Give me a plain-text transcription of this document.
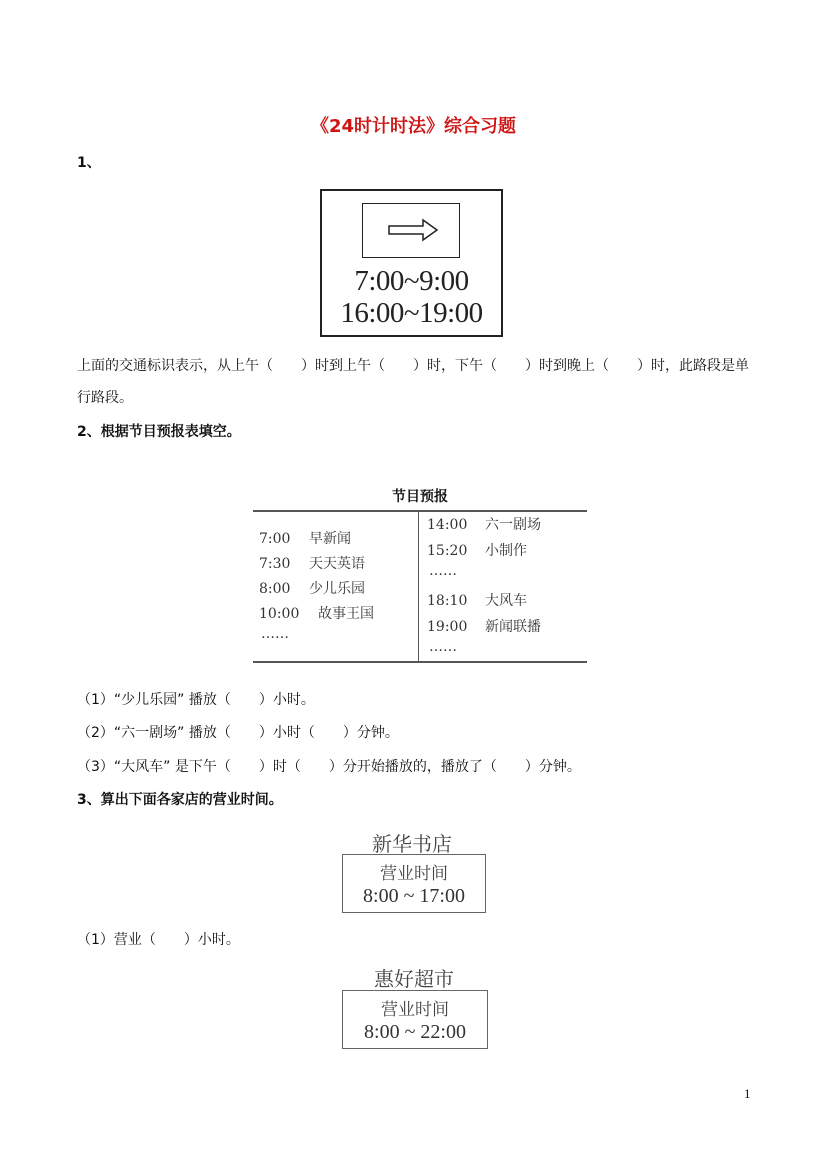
《24时计时法》综合习题
1、
7:00~9:00
16:00~19:00
上面的交通标识表示，从上午（　　）时到上午（　　）时，下午（　　）时到晚上（　　）时，此路段是单
行路段。
2、根据节目预报表填空。
节目预报
7:00 早新闻
7:30 天天英语
8:00 少儿乐园
10:00 故事王国
……
14:00 六一剧场
15:20 小制作
……
18:10 大风车
19:00 新闻联播
……
（1）“少儿乐园” 播放（　　）小时。
（2）“六一剧场” 播放（　　）小时（　　）分钟。
（3）“大风车” 是下午（　　）时（　　）分开始播放的，播放了（　　）分钟。
3、算出下面各家店的营业时间。
新华书店
营业时间
8:00 ~ 17:00
（1）营业（　　）小时。
惠好超市
营业时间
8:00 ~ 22:00
1
